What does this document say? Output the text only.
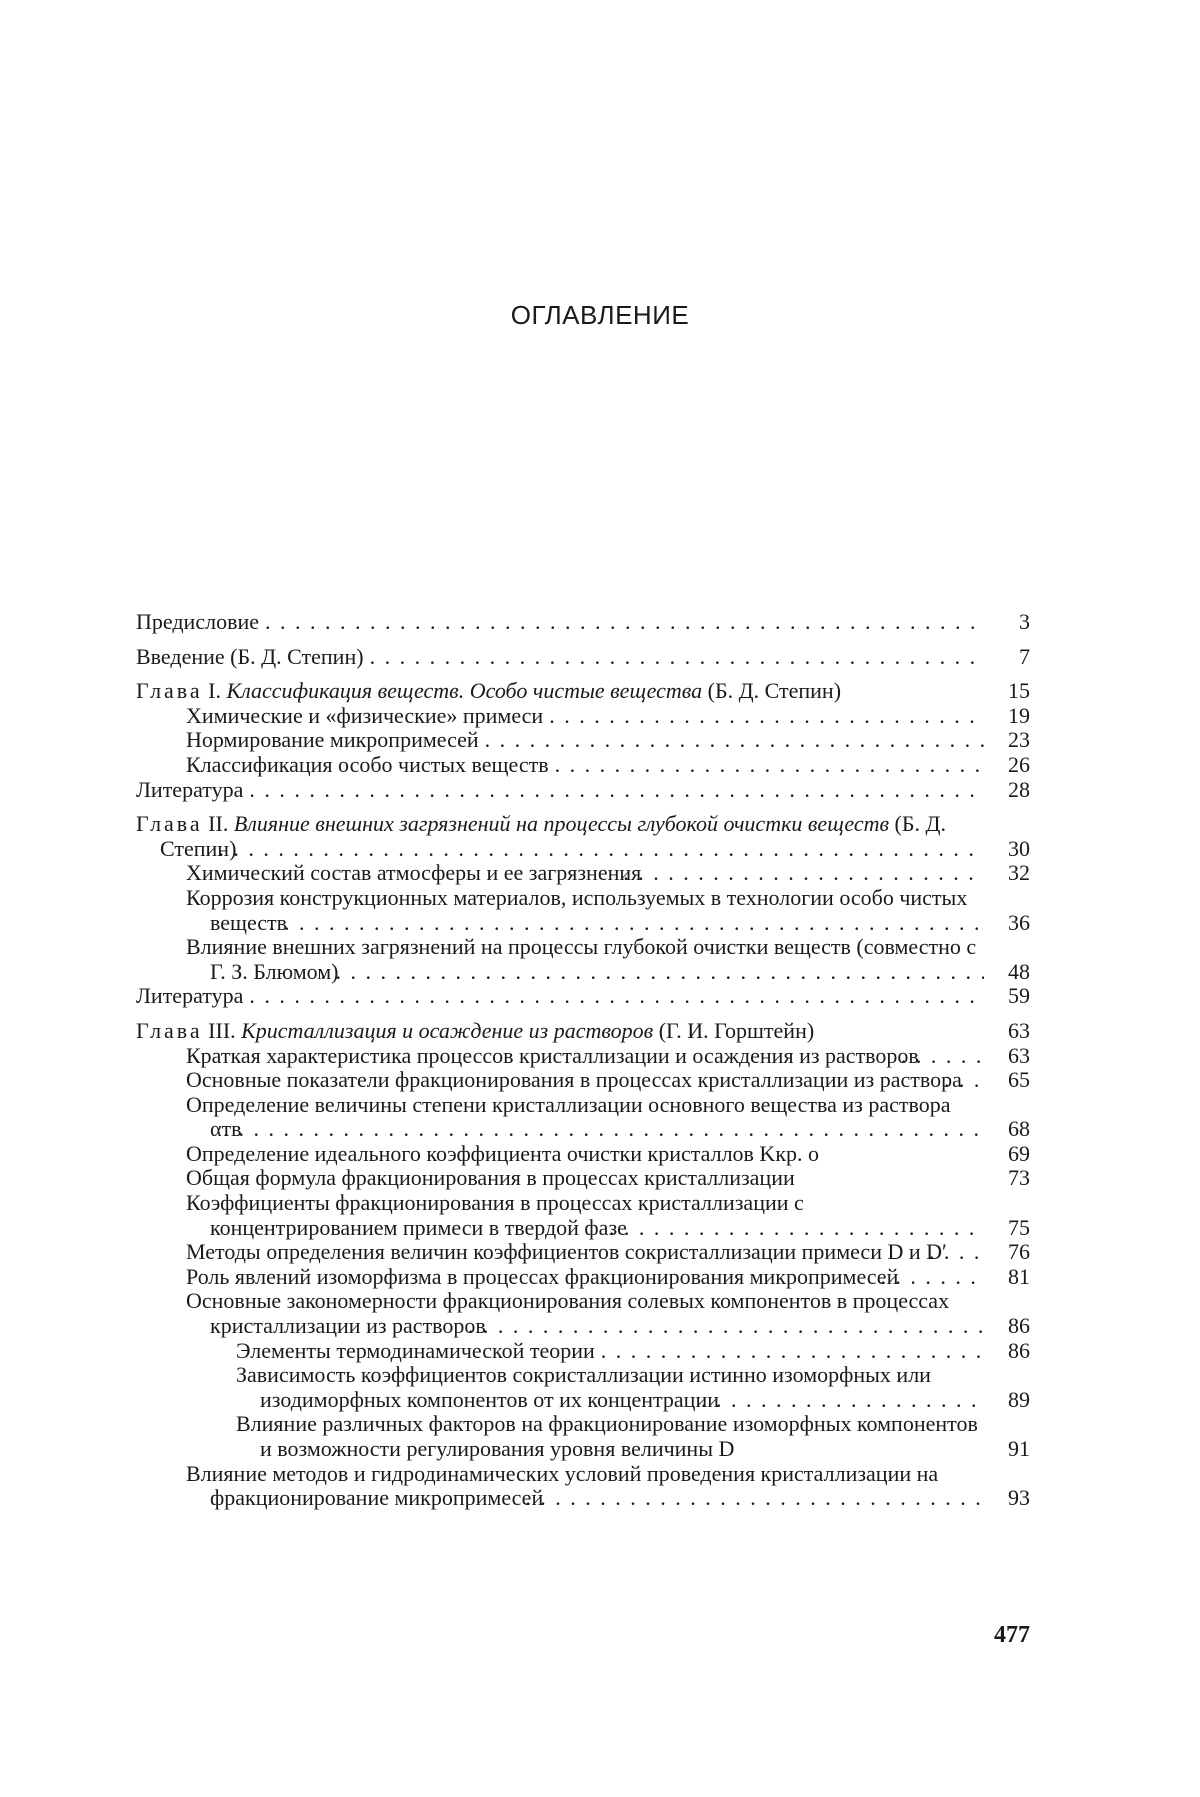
ОГЛАВЛЕНИЕ
Предисловие . . .	3
Введение (Б. Д. Степин) . . .	7
Глава I. Классификация веществ. Особо чистые вещества (Б. Д. Степин)	15
Химические и «физические» примеси . . .	19
Нормирование микропримесей . . .	23
Классификация особо чистых веществ . . .	26
Литература . . .	28
Глава II. Влияние внешних загрязнений на процессы глубокой очистки веществ (Б. Д. Степин) . . .	30
Химический состав атмосферы и ее загрязнения . . .	32
Коррозия конструкционных материалов, используемых в технологии особо чистых веществ . . .	36
Влияние внешних загрязнений на процессы глубокой очистки веществ (совместно с Г. З. Блюмом) . . .	48
Литература . . .	59
Глава III. Кристаллизация и осаждение из растворов (Г. И. Горштейн)	63
Краткая характеристика процессов кристаллизации и осаждения из растворов . . .	63
Основные показатели фракционирования в процессах кристаллизации из раствора . . .	65
Определение величины степени кристаллизации основного вещества из раствора αтв . . .	68
Определение идеального коэффициента очистки кристаллов Kкр. о	69
Общая формула фракционирования в процессах кристаллизации	73
Коэффициенты фракционирования в процессах кристаллизации с концентрированием примеси в твердой фазе . . .	75
Методы определения величин коэффициентов сокристаллизации примеси D и D′ . . .	76
Роль явлений изоморфизма в процессах фракционирования микропримесей . . .	81
Основные закономерности фракционирования солевых компонентов в процессах кристаллизации из растворов . . .	86
Элементы термодинамической теории . . .	86
Зависимость коэффициентов сокристаллизации истинно изоморфных или изодиморфных компонентов от их концентрации . . .	89
Влияние различных факторов на фракционирование изоморфных компонентов и возможности регулирования уровня величины D	91
Влияние методов и гидродинамических условий проведения кристаллизации на фракционирование микропримесей . . .	93
477
